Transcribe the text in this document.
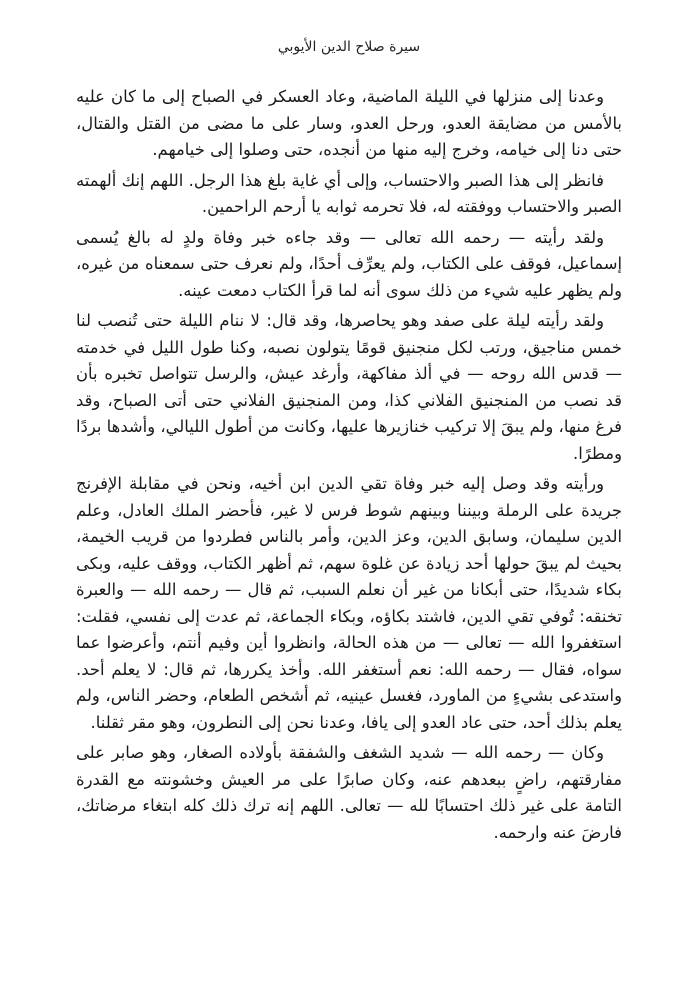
سيرة صلاح الدين الأيوبي

وعدنا إلى منزلها في الليلة الماضية، وعاد العسكر في الصباح إلى ما كان عليه بالأمس من مضايقة العدو، ورحل العدو، وسار على ما مضى من القتل والقتال، حتى دنا إلى خيامه، وخرج إليه منها من أنجده، حتى وصلوا إلى خيامهم.

فانظر إلى هذا الصبر والاحتساب، وإلى أي غاية بلغ هذا الرجل. اللهم إنك ألهمته الصبر والاحتساب ووفقته له، فلا تحرمه ثوابه يا أرحم الراحمين.

ولقد رأيته — رحمه الله تعالى — وقد جاءه خبر وفاة ولدٍ له بالغ يُسمى إسماعيل، فوقف على الكتاب، ولم يعرِّف أحدًا، ولم نعرف حتى سمعناه من غيره، ولم يظهر عليه شيء من ذلك سوى أنه لما قرأ الكتاب دمعت عينه.

ولقد رأيته ليلة على صفد وهو يحاصرها، وقد قال: لا ننام الليلة حتى تُنصب لنا خمس مناجيق، ورتب لكل منجنيق قومًا يتولون نصبه، وكنا طول الليل في خدمته — قدس الله روحه — في ألذ مفاكهة، وأرغد عيش، والرسل تتواصل تخبره بأن قد نصب من المنجنيق الفلاني كذا، ومن المنجنيق الفلاني حتى أتى الصباح، وقد فرغ منها، ولم يبقَ إلا تركيب خنازيرها عليها، وكانت من أطول الليالي، وأشدها بردًا ومطرًا.

ورأيته وقد وصل إليه خبر وفاة تقي الدين ابن أخيه، ونحن في مقابلة الإفرنج جريدة على الرملة وبيننا وبينهم شوط فرس لا غير، فأحضر الملك العادل، وعلم الدين سليمان، وسابق الدين، وعز الدين، وأمر بالناس فطردوا من قريب الخيمة، بحيث لم يبقَ حولها أحد زيادة عن غلوة سهم، ثم أظهر الكتاب، ووقف عليه، وبكى بكاء شديدًا، حتى أبكانا من غير أن نعلم السبب، ثم قال — رحمه الله — والعبرة تخنقه: تُوفي تقي الدين، فاشتد بكاؤه، وبكاء الجماعة، ثم عدت إلى نفسي، فقلت: استغفروا الله — تعالى — من هذه الحالة، وانظروا أين وفيم أنتم، وأعرضوا عما سواه، فقال — رحمه الله: نعم أستغفر الله. وأخذ يكررها، ثم قال: لا يعلم أحد. واستدعى بشيءٍ من الماورد، فغسل عينيه، ثم أشخص الطعام، وحضر الناس، ولم يعلم بذلك أحد، حتى عاد العدو إلى يافا، وعدنا نحن إلى النطرون، وهو مقر ثقلنا.

وكان — رحمه الله — شديد الشغف والشفقة بأولاده الصغار، وهو صابر على مفارقتهم، راضٍ ببعدهم عنه، وكان صابرًا على مر العيش وخشونته مع القدرة التامة على غير ذلك احتسابًا لله — تعالى. اللهم إنه ترك ذلك كله ابتغاء مرضاتك، فارضَ عنه وارحمه.
